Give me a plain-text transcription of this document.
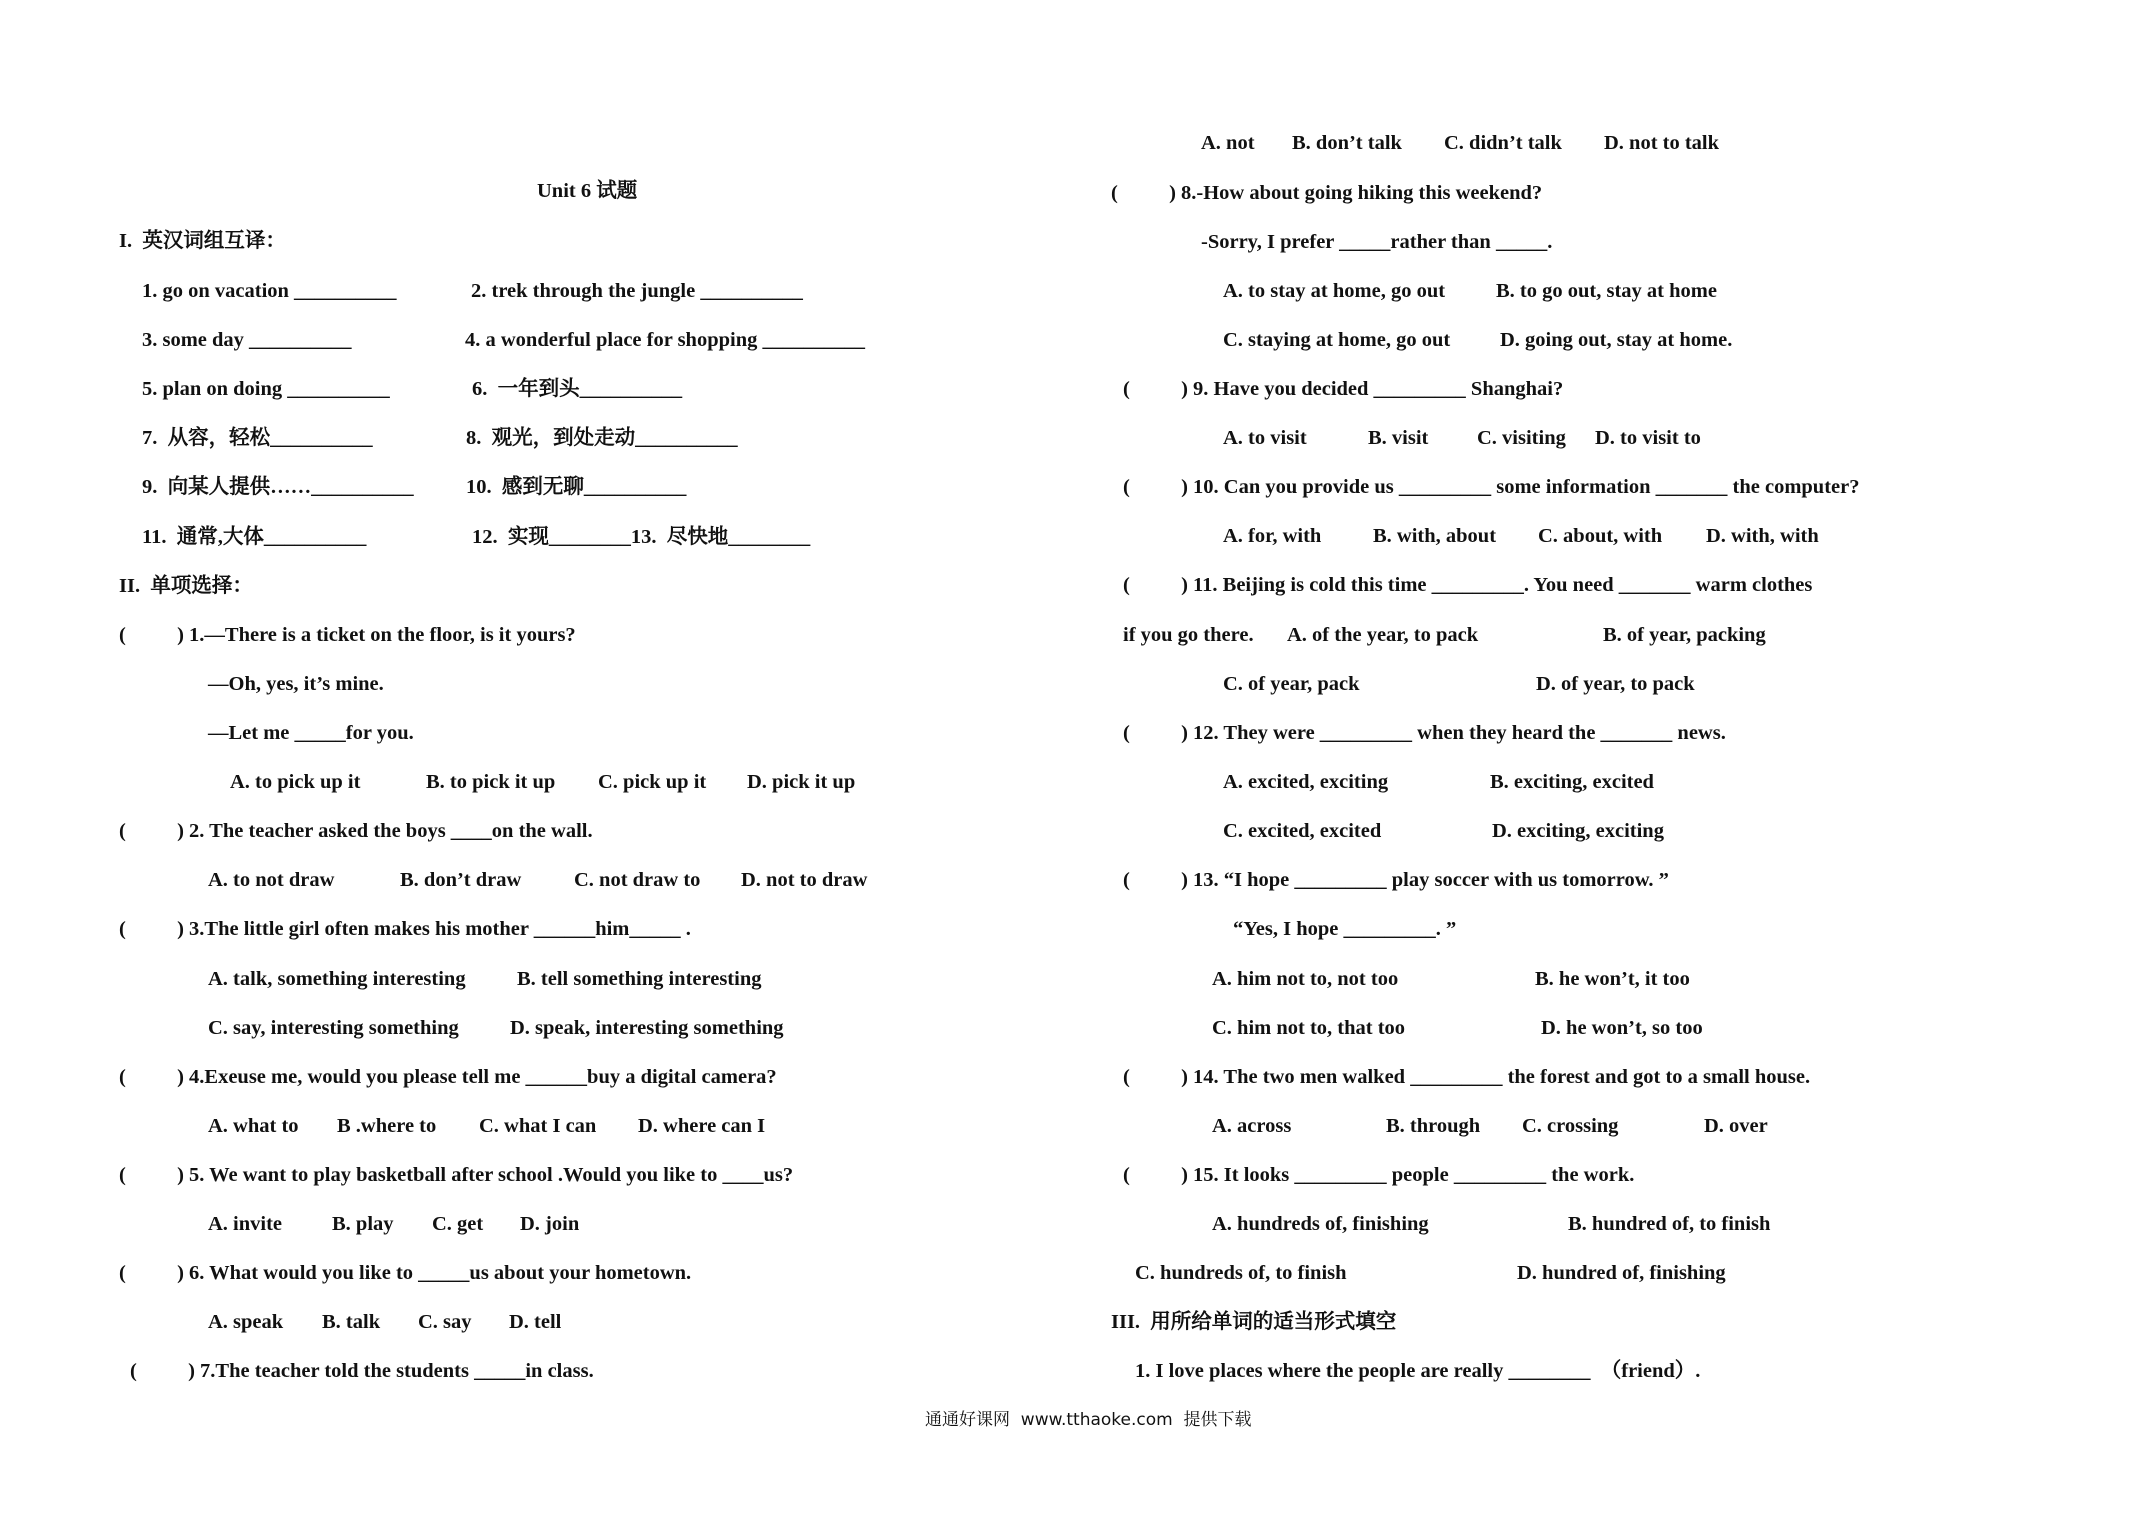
Unit 6 试题
I.  英汉词组互译：
1. go on vacation __________	2. trek through the jungle __________
3. some day __________	4. a wonderful place for shopping __________
5. plan on doing __________	6.  一年到头__________
7.  从容，轻松__________	8.  观光，到处走动__________
9.  向某人提供……__________	10.  感到无聊__________
11.  通常,大体__________	12.  实现________13.  尽快地________
II.  单项选择：
(          ) 1.—There is a ticket on the floor, is it yours?
—Oh, yes, it’s mine.
—Let me _____for you.
A. to pick up it	B. to pick it up C. pick up it D. pick it up
(          ) 2. The teacher asked the boys ____on the wall.
A. to not draw	B. don’t draw	C. not draw to D. not to draw
(          ) 3.The little girl often makes his mother ______him_____ .
A. talk, something interesting	B. tell something interesting
C. say, interesting something D. speak, interesting something
(          ) 4.Exeuse me, would you please tell me ______buy a digital camera?
A. what to B .where to C. what I can D. where can I
(          ) 5. We want to play basketball after school .Would you like to ____us?
A. invite B. play C. get D. join
(          ) 6. What would you like to _____us about your hometown.
A. speak B. talk C. say D. tell
(          ) 7.The teacher told the students _____in class.
A. not B. don’t talk C. didn’t talk D. not to talk
(          ) 8.-How about going hiking this weekend?
-Sorry, I prefer _____rather than _____.
A. to stay at home, go out B. to go out, stay at home
C. staying at home, go out D. going out, stay at home.
(          ) 9. Have you decided _________ Shanghai?
A. to visit	B. visit C. visiting D. to visit to
(          ) 10. Can you provide us _________ some information _______ the computer?
A. for, with	B. with, about C. about, with D. with, with
(          ) 11. Beijing is cold this time _________. You need _______ warm clothes
if you go there. A. of the year, to pack	B. of year, packing
C. of year, pack	D. of year, to pack
(          ) 12. They were _________ when they heard the _______ news.
A. excited, exciting	B. exciting, excited
C. excited, excited	D. exciting, exciting
(          ) 13. “I hope _________ play soccer with us tomorrow. ”
“Yes, I hope _________. ”
A. him not to, not too	B. he won’t, it too
C. him not to, that too	D. he won’t, so too
(          ) 14. The two men walked _________ the forest and got to a small house.
A. across	B. through C. crossing	D. over
(          ) 15. It looks _________ people _________ the work.
A. hundreds of, finishing	B. hundred of, to finish
C. hundreds of, to finish	D. hundred of, finishing
III.  用所给单词的适当形式填空
1. I love places where the people are really ________  （friend）.
通通好课网  www.tthaoke.com  提供下载
